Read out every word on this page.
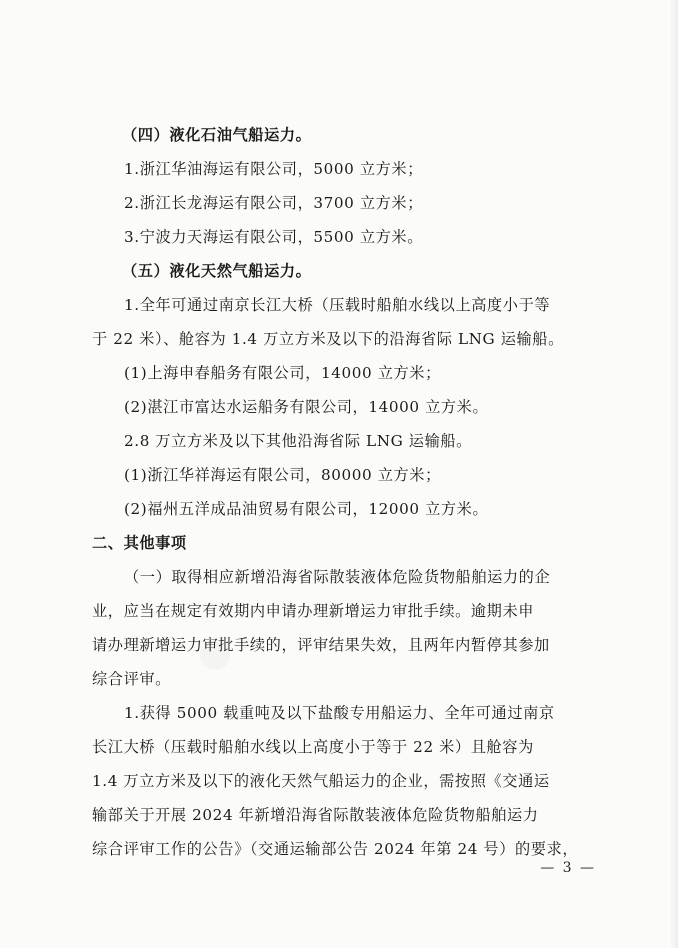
（四）液化石油气船运力。
1.浙江华油海运有限公司，5000 立方米；
2.浙江长龙海运有限公司，3700 立方米；
3.宁波力天海运有限公司，5500 立方米。
（五）液化天然气船运力。
1.全年可通过南京长江大桥（压载时船舶水线以上高度小于等
于 22 米）、舱容为 1.4 万立方米及以下的沿海省际 LNG 运输船。
(1)上海申春船务有限公司，14000 立方米；
(2)湛江市富达水运船务有限公司，14000 立方米。
2.8 万立方米及以下其他沿海省际 LNG 运输船。
(1)浙江华祥海运有限公司，80000 立方米；
(2)福州五洋成品油贸易有限公司，12000 立方米。
二、其他事项
（一）取得相应新增沿海省际散装液体危险货物船舶运力的企
业，应当在规定有效期内申请办理新增运力审批手续。逾期未申
请办理新增运力审批手续的，评审结果失效，且两年内暂停其参加
综合评审。
1.获得 5000 载重吨及以下盐酸专用船运力、全年可通过南京
长江大桥（压载时船舶水线以上高度小于等于 22 米）且舱容为
1.4 万立方米及以下的液化天然气船运力的企业，需按照《交通运
输部关于开展 2024 年新增沿海省际散装液体危险货物船舶运力
综合评审工作的公告》（交通运输部公告 2024 年第 24 号）的要求，
— 3 —
